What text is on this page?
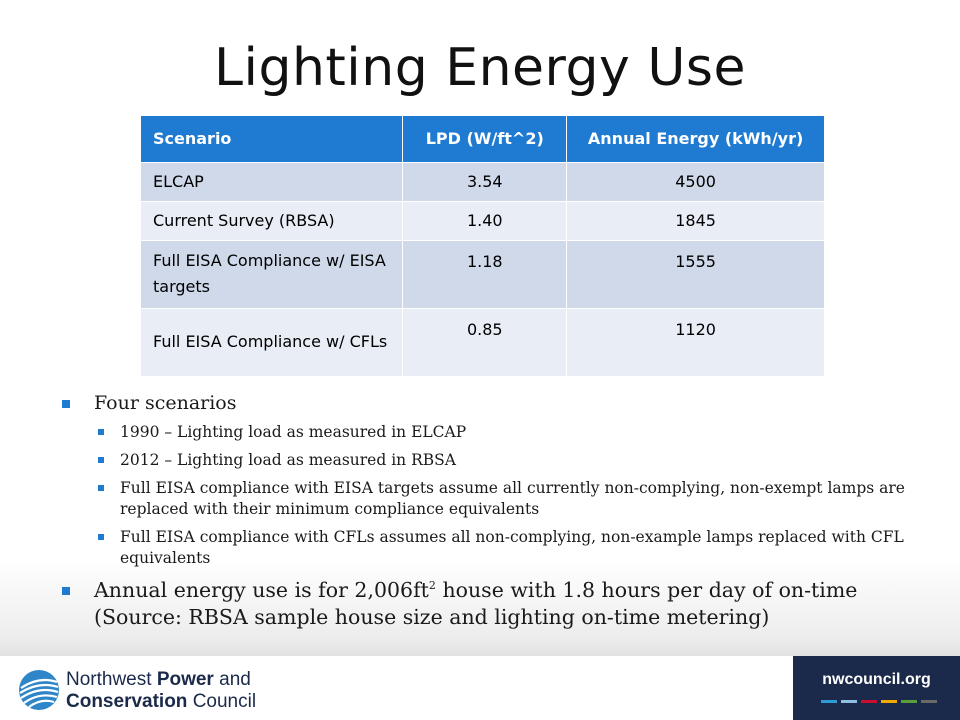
Lighting Energy Use
Scenario	LPD (W/ft^2)	Annual Energy (kWh/yr)
ELCAP	3.54	4500
Current Survey (RBSA)	1.40	1845
Full EISA Compliance w/ EISA targets	1.18	1555
Full EISA Compliance w/ CFLs	0.85	1120
Four scenarios
1990 – Lighting load as measured in ELCAP
2012 – Lighting load as measured in RBSA
Full EISA compliance with EISA targets assume all currently non-complying, non-exempt lamps are replaced with their minimum compliance equivalents
Full EISA compliance with CFLs assumes all non-complying, non-example lamps replaced with CFL equivalents
Annual energy use is for $2,006ft^2$ house with 1.8 hours per day of on-time (Source: RBSA sample house size and lighting on-time metering)
Northwest Power and
Conservation Council
nwcouncil.org
